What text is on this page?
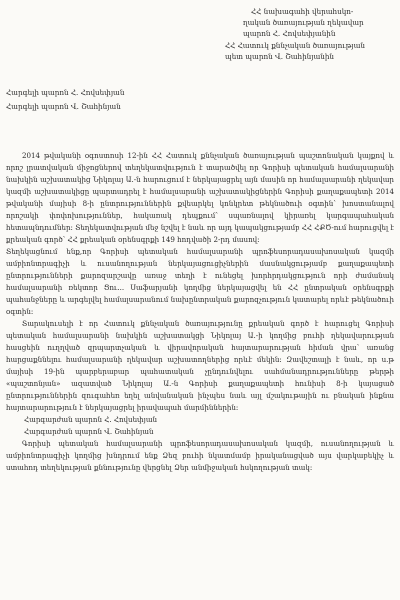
ՀՀ նախագահի վերահսկո-
ղական ծառայության ղեկավար
պարոն Հ. Հովսեփյանին
ՀՀ Հատուկ քննչական ծառայության
պետ պարոն Վ. Շահինյանին
Հարգելի պարոն Հ. Հովսեփյան
Հարգելի պարոն Վ. Շահինյան

2014 թվականի օգոստոսի 12-ին ՀՀ Հատուկ քննչական ծառայության պաշտոնական կայքով և որոշ լրատվական միջոցներով տեղեկատվություն է տարածվել որ Գորիսի պետական համալսարանի նախկին աշխատակից Նիկոլայ Ա.-ն հարուցում է ներկայացրել այն մասին որ համալսարանի ղեկավար կազմի աշխատակիցը պարտադրել է համալսարանի աշխատակիցներին Գորիսի քաղաքապետի 2014 թվականի մայիսի 8-ի ընտրություններին քվեարկել կոնկրետ թեկնածուի օգտին՝ խոստանալով որոշակի փոփոխություններ, հակառակ դեպքում՝ սպառնալով կիրառել կարգապահական հետապնդումներ: Տեղեկատվության մեջ նշվել է նաև որ այդ կապակցությամբ ՀՀ ՀՔԾ-ում հարուցվել է քրեական գործ՝ ՀՀ քրեական օրենսգրքի 149 հոդվածի 2-րդ մասով:

Տեղեկացնում ենք,որ Գորիսի պետական համալսարանի պրոֆեսորադասախոսական կազմի ամբիոնտրագիչի և ուսանողության ներկայացուցիչներին մասնակցությամբ քաղաքապետի ընտրությունների քարոզարշավը առաջ տեղի է ունեցել խորհրդակցություն որի ժամանակ համալսարանի ռեկտոր Ցու... Սաֆարյանի կողմից ներկայացվել են ՀՀ ընտրական օրենսգրքի պահանջները և արգելվել համալսարանում նախընտրական քարոզչություն կատարել որևէ թեկնածուի օգտին:

Տարակուսելի է որ Հատուկ քննչական ծառայությունը քրեական գործ է հարուցել Գորիսի պետական համալսարանի նախկին աշխատակցի Նիկոլայ Ա.-ի կողմից բուհի ղեկավարության հասցեին ուղղված զրպարտչական և վիրավորական հայտարարության հիման վրա՝ առանց հարցաքննելու համալսարանի ղեկավար աշխատողներից որևէ մեկին: Զավեշտալի է նաև, որ ս.թ մայիսի 19-ին պարբերաբար պահատական չընդունվելու սահմանադրությունները թերթի «պաշտոնյան» ազատված Նիկոլայ Ա.-ն Գորիսի քաղաքապետի հունիսի 8-ի կայացած ընտրություններին զուգահեռ եղել անվանական ինչպես նաև այլ մշակութային ու բնական ինքնա հայտարարություն է ներկայացրել իրավապահ մարմիններին:

Հարգարժան պարոն Հ. Հովսեփյան

Հարգարժան պարոն Վ. Շահինյան

Գորիսի պետական համալսարանի պրոֆեսորադասախոսական կազմի, ուսանողության և ամբիոնտրագիչի կողմից խնդրում ենք Ձեզ բուհի նկատմամբ իրականացված այս վարկաբեկիչ և ստահոդ տեղեկության քննությունը վերցնել Ձեր անմիջական հսկողության տակ:
